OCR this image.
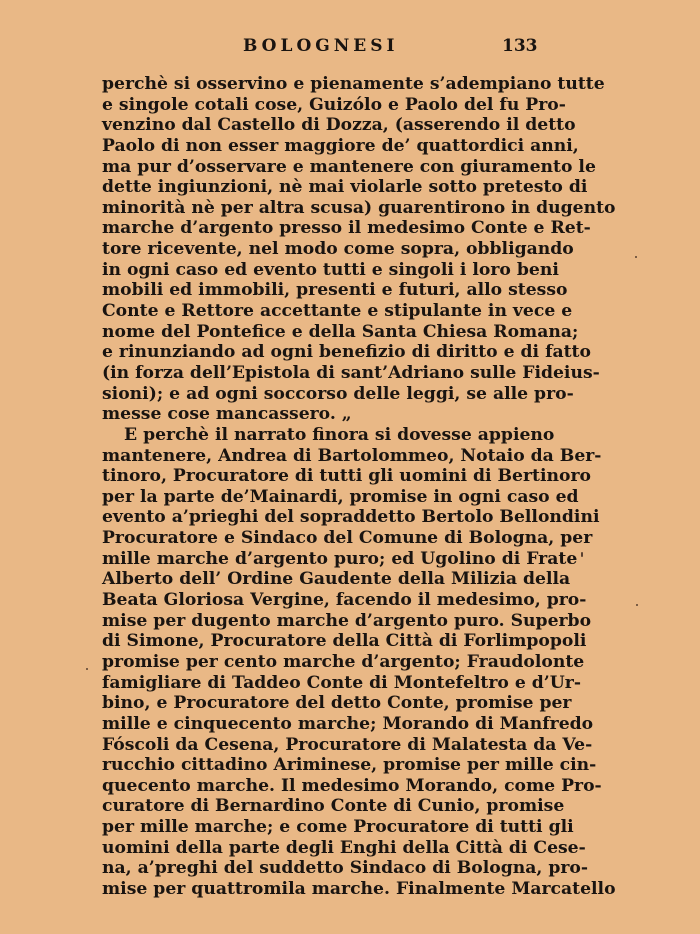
BOLOGNESI	133
perchè si osservino e pienamente s’adempiano tutte
e singole cotali cose, Guizólo e Paolo del fu Pro-
venzino dal Castello di Dozza, (asserendo il detto
Paolo di non esser maggiore de’ quattordici anni,
ma pur d’osservare e mantenere con giuramento le
dette ingiunzioni, nè mai violarle sotto pretesto di
minorità nè per altra scusa) guarentirono in dugento
marche d’argento presso il medesimo Conte e Ret-
tore ricevente, nel modo come sopra, obbligando
in ogni caso ed evento tutti e singoli i loro beni
mobili ed immobili, presenti e futuri, allo stesso
Conte e Rettore accettante e stipulante in vece e
nome del Pontefice e della Santa Chiesa Romana;
e rinunziando ad ogni benefizio di diritto e di fatto
(in forza dell’Epistola di sant’Adriano sulle Fideius-
sioni); e ad ogni soccorso delle leggi, se alle pro-
messe cose mancassero. „
E perchè il narrato finora si dovesse appieno
mantenere, Andrea di Bartolommeo, Notaio da Ber-
tinoro, Procuratore di tutti gli uomini di Bertinoro
per la parte de’Mainardi, promise in ogni caso ed
evento a’prieghi del sopraddetto Bertolo Bellondini
Procuratore e Sindaco del Comune di Bologna, per
mille marche d’argento puro; ed Ugolino di Frate
Alberto dell’ Ordine Gaudente della Milizia della
Beata Gloriosa Vergine, facendo il medesimo, pro-
mise per dugento marche d’argento puro. Superbo
di Simone, Procuratore della Città di Forlimpopoli
promise per cento marche d’argento; Fraudolonte
famigliare di Taddeo Conte di Montefeltro e d’Ur-
bino, e Procuratore del detto Conte, promise per
mille e cinquecento marche; Morando di Manfredo
Fóscoli da Cesena, Procuratore di Malatesta da Ve-
rucchio cittadino Ariminese, promise per mille cin-
quecento marche. Il medesimo Morando, come Pro-
curatore di Bernardino Conte di Cunio, promise
per mille marche; e come Procuratore di tutti gli
uomini della parte degli Enghi della Città di Cese-
na, a’preghi del suddetto Sindaco di Bologna, pro-
mise per quattromila marche. Finalmente Marcatello
